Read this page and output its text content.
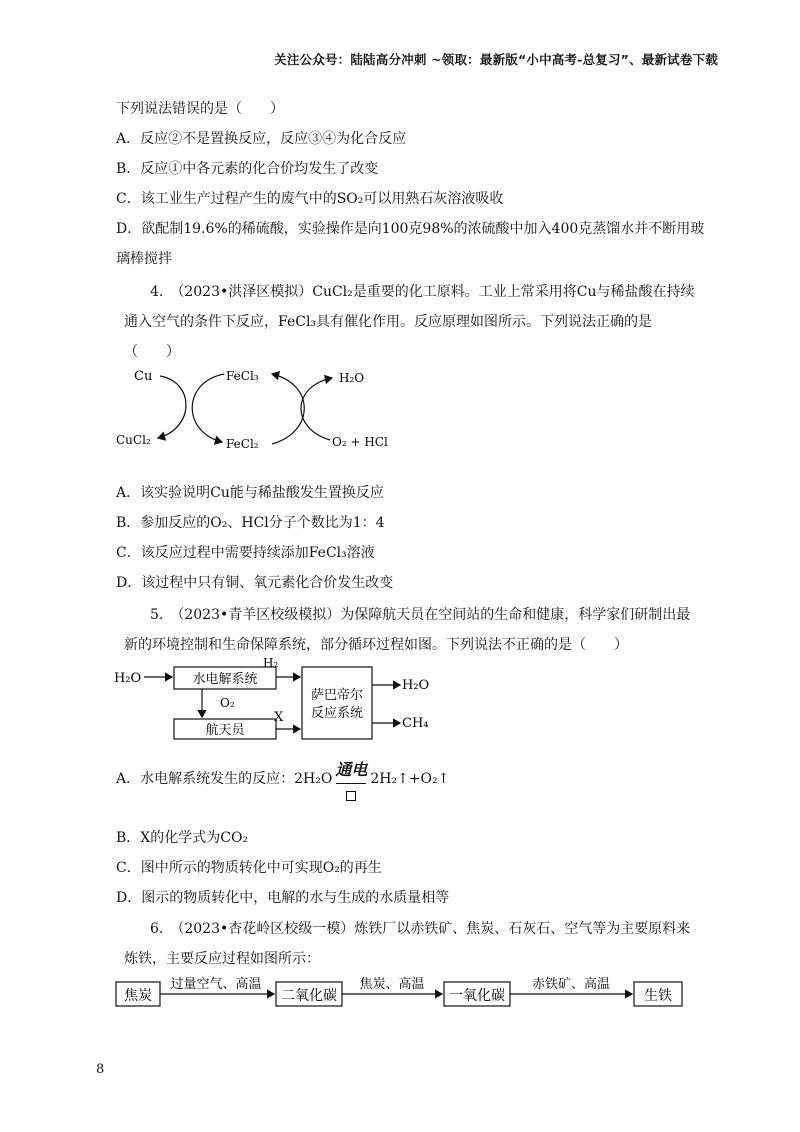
关注公众号：陆陆高分冲刺 ~领取：最新版“小中高考-总复习”、最新试卷下载
下列说法错误的是（　　）
A．反应②不是置换反应，反应③④为化合反应
B．反应①中各元素的化合价均发生了改变
C．该工业生产过程产生的废气中的SO₂可以用熟石灰溶液吸收
D．欲配制19.6%的稀硫酸，实验操作是向100克98%的浓硫酸中加入400克蒸馏水并不断用玻
璃棒搅拌
4.　（2023•洪泽区模拟）CuCl₂是重要的化工原料。工业上常采用将Cu与稀盐酸在持续
通入空气的条件下反应，FeCl₃具有催化作用。反应原理如图所示。下列说法正确的是
（　　）
Cu	FeCl₃	H₂O
CuCl₂	FeCl₂	O₂ + HCl
A．该实验说明Cu能与稀盐酸发生置换反应
B．参加反应的O₂、HCl分子个数比为1：4
C．该反应过程中需要持续添加FeCl₃溶液
D．该过程中只有铜、氧元素化合价发生改变
5.　（2023•青羊区校级模拟）为保障航天员在空间站的生命和健康，科学家们研制出最
新的环境控制和生命保障系统，部分循环过程如图。下列说法不正确的是（　　）
H₂O	水电解系统
H₂
O₂
航天员
X
萨巴帝尔
反应系统
H₂O
CH₄
A．水电解系统发生的反应：2H₂O 通电 2H₂↑+O₂↑
B．X的化学式为CO₂
C．图中所示的物质转化中可实现O₂的再生
D．图示的物质转化中，电解的水与生成的水质量相等
6.　（2023•杏花岭区校级一模）炼铁厂以赤铁矿、焦炭、石灰石、空气等为主要原料来
炼铁，主要反应过程如图所示：
焦炭
过量空气、高温
二氧化碳
焦炭、高温
一氧化碳
赤铁矿、高温
生铁
8
